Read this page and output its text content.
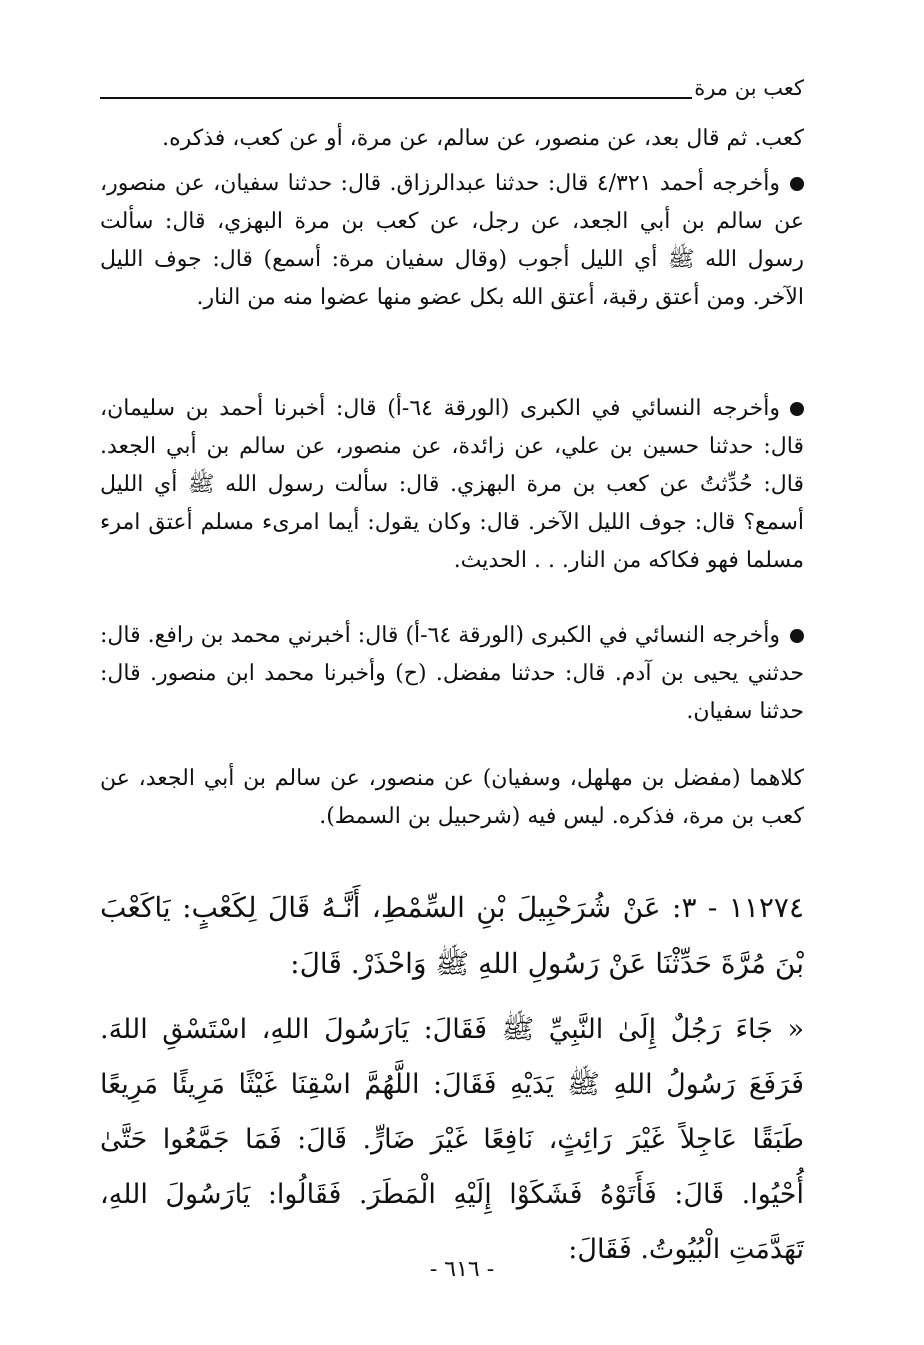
كعب بن مرة
كعب. ثم قال بعد، عن منصور، عن سالم، عن مرة، أو عن كعب، فذكره.
وأخرجه أحمد ٤/٣٢١ قال: حدثنا عبدالرزاق. قال: حدثنا سفيان، عن منصور، عن سالم بن أبي الجعد، عن رجل، عن كعب بن مرة البهزي، قال: سألت رسول الله ﷺ أي الليل أجوب (وقال سفيان مرة: أسمع) قال: جوف الليل الآخر. ومن أعتق رقبة، أعتق الله بكل عضو منها عضوا منه من النار.
وأخرجه النسائي في الكبرى (الورقة ٦٤-أ) قال: أخبرنا أحمد بن سليمان، قال: حدثنا حسين بن علي، عن زائدة، عن منصور، عن سالم بن أبي الجعد. قال: حُدِّثتُ عن كعب بن مرة البهزي. قال: سألت رسول الله ﷺ أي الليل أسمع؟ قال: جوف الليل الآخر. قال: وكان يقول: أيما امرىء مسلم أعتق امرء مسلما فهو فكاكه من النار. . . الحديث.
وأخرجه النسائي في الكبرى (الورقة ٦٤-أ) قال: أخبرني محمد بن رافع. قال: حدثني يحيى بن آدم. قال: حدثنا مفضل. (ح) وأخبرنا محمد ابن منصور. قال: حدثنا سفيان.
كلاهما (مفضل بن مهلهل، وسفيان) عن منصور، عن سالم بن أبي الجعد، عن كعب بن مرة، فذكره. ليس فيه (شرحبيل بن السمط).
١١٢٧٤ - ٣: عَنْ شُرَحْبِيلَ بْنِ السِّمْطِ، أَنَّـهُ قَالَ لِكَعْبٍ: يَاكَعْبَ بْنَ مُرَّةَ حَدِّثْنَا عَنْ رَسُولِ اللهِ ﷺ وَاحْذَرْ. قَالَ:
« جَاءَ رَجُلٌ إِلَىٰ النَّبِيِّ ﷺ فَقَالَ: يَارَسُولَ اللهِ، اسْتَسْقِ اللهَ. فَرَفَعَ رَسُولُ اللهِ ﷺ يَدَيْهِ فَقَالَ: اللَّهُمَّ اسْقِنَا غَيْثًا مَرِيئًا مَرِيعًا طَبَقًا عَاجِلاً غَيْرَ رَائِثٍ، نَافِعًا غَيْرَ ضَارٍّ. قَالَ: فَمَا جَمَّعُوا حَتَّىٰ أُحْيُوا. قَالَ: فَأَتَوْهُ فَشَكَوْا إِلَيْهِ الْمَطَرَ. فَقَالُوا: يَارَسُولَ اللهِ، تَهَدَّمَتِ الْبُيُوتُ. فَقَالَ:
- ٦١٦ -
